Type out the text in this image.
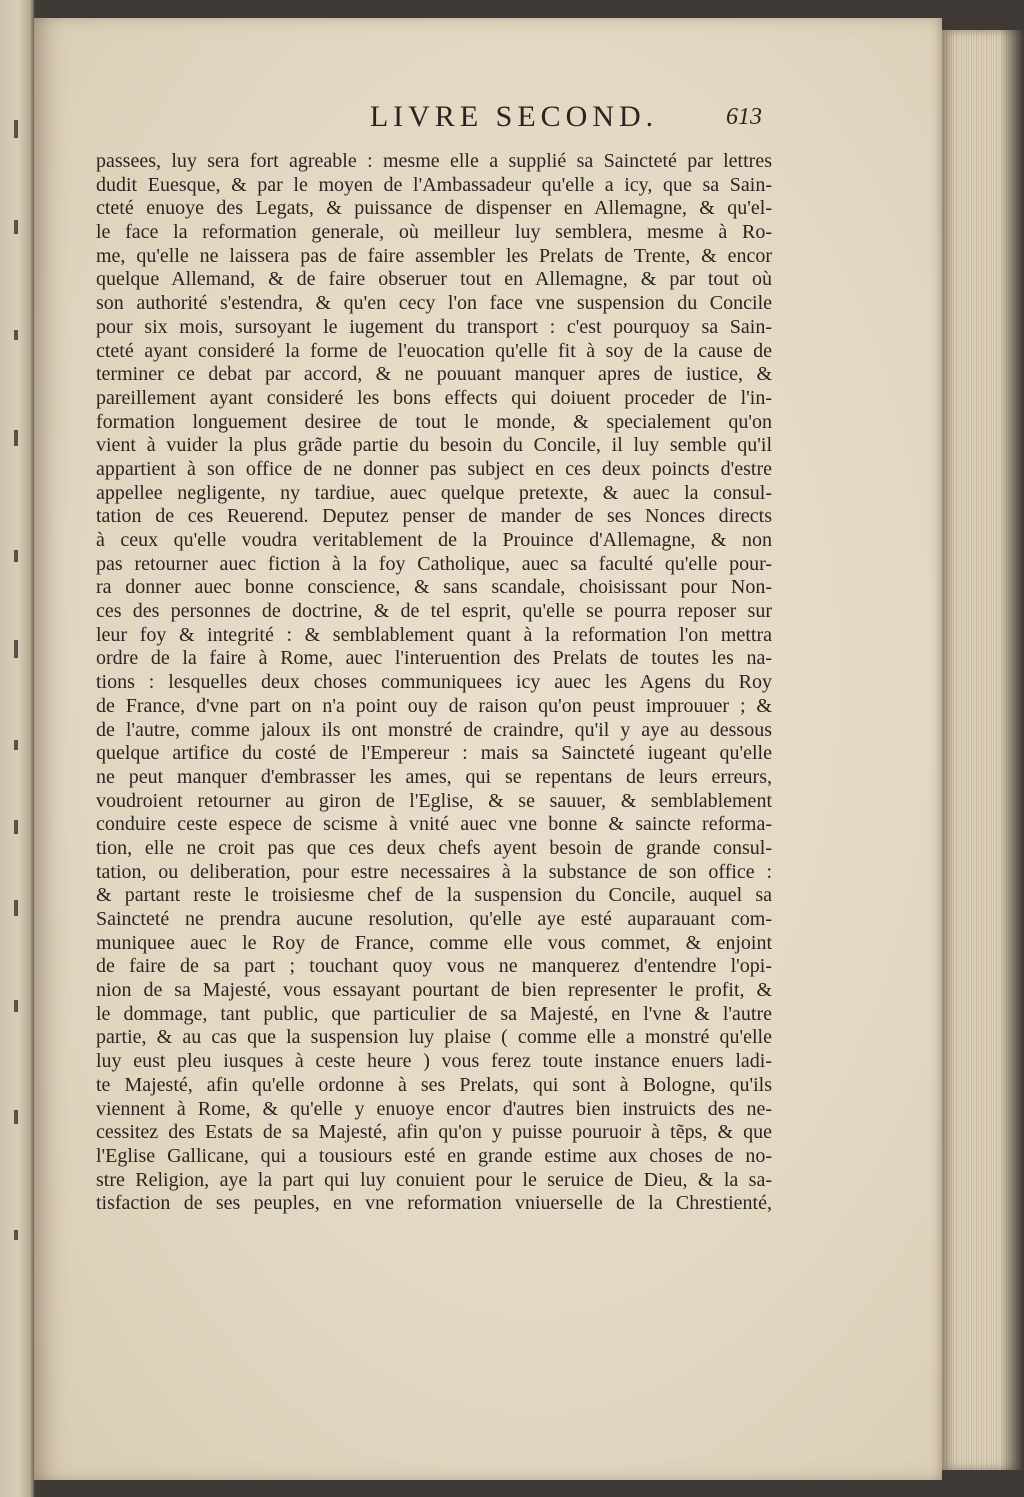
LIVRE SECOND.	613
passees, luy sera fort agreable : mesme elle a supplié sa Saincteté par lettres
dudit Euesque, & par le moyen de l'Ambassadeur qu'elle a icy, que sa Sain-
cteté enuoye des Legats, & puissance de dispenser en Allemagne, & qu'el-
le face la reformation generale, où meilleur luy semblera, mesme à Ro-
me, qu'elle ne laissera pas de faire assembler les Prelats de Trente, & encor
quelque Allemand, & de faire obseruer tout en Allemagne, & par tout où
son authorité s'estendra, & qu'en cecy l'on face vne suspension du Concile
pour six mois, sursoyant le iugement du transport : c'est pourquoy sa Sain-
cteté ayant consideré la forme de l'euocation qu'elle fit à soy de la cause de
terminer ce debat par accord, & ne pouuant manquer apres de iustice, &
pareillement ayant consideré les bons effects qui doiuent proceder de l'in-
formation longuement desiree de tout le monde, & specialement qu'on
vient à vuider la plus grãde partie du besoin du Concile, il luy semble qu'il
appartient à son office de ne donner pas subject en ces deux poincts d'estre
appellee negligente, ny tardiue, auec quelque pretexte, & auec la consul-
tation de ces Reuerend. Deputez penser de mander de ses Nonces directs
à ceux qu'elle voudra veritablement de la Prouince d'Allemagne, & non
pas retourner auec fiction à la foy Catholique, auec sa faculté qu'elle pour-
ra donner auec bonne conscience, & sans scandale, choisissant pour Non-
ces des personnes de doctrine, & de tel esprit, qu'elle se pourra reposer sur
leur foy & integrité : & semblablement quant à la reformation l'on mettra
ordre de la faire à Rome, auec l'interuention des Prelats de toutes les na-
tions : lesquelles deux choses communiquees icy auec les Agens du Roy
de France, d'vne part on n'a point ouy de raison qu'on peust improuuer ; &
de l'autre, comme jaloux ils ont monstré de craindre, qu'il y aye au dessous
quelque artifice du costé de l'Empereur : mais sa Saincteté iugeant qu'elle
ne peut manquer d'embrasser les ames, qui se repentans de leurs erreurs,
voudroient retourner au giron de l'Eglise, & se sauuer, & semblablement
conduire ceste espece de scisme à vnité auec vne bonne & saincte reforma-
tion, elle ne croit pas que ces deux chefs ayent besoin de grande consul-
tation, ou deliberation, pour estre necessaires à la substance de son office :
& partant reste le troisiesme chef de la suspension du Concile, auquel sa
Saincteté ne prendra aucune resolution, qu'elle aye esté auparauant com-
muniquee auec le Roy de France, comme elle vous commet, & enjoint
de faire de sa part ; touchant quoy vous ne manquerez d'entendre l'opi-
nion de sa Majesté, vous essayant pourtant de bien representer le profit, &
le dommage, tant public, que particulier de sa Majesté, en l'vne & l'autre
partie, & au cas que la suspension luy plaise ( comme elle a monstré qu'elle
luy eust pleu iusques à ceste heure ) vous ferez toute instance enuers ladi-
te Majesté, afin qu'elle ordonne à ses Prelats, qui sont à Bologne, qu'ils
viennent à Rome, & qu'elle y enuoye encor d'autres bien instruicts des ne-
cessitez des Estats de sa Majesté, afin qu'on y puisse pouruoir à tẽps, & que
l'Eglise Gallicane, qui a tousiours esté en grande estime aux choses de no-
stre Religion, aye la part qui luy conuient pour le seruice de Dieu, & la sa-
tisfaction de ses peuples, en vne reformation vniuerselle de la Chrestienté,
